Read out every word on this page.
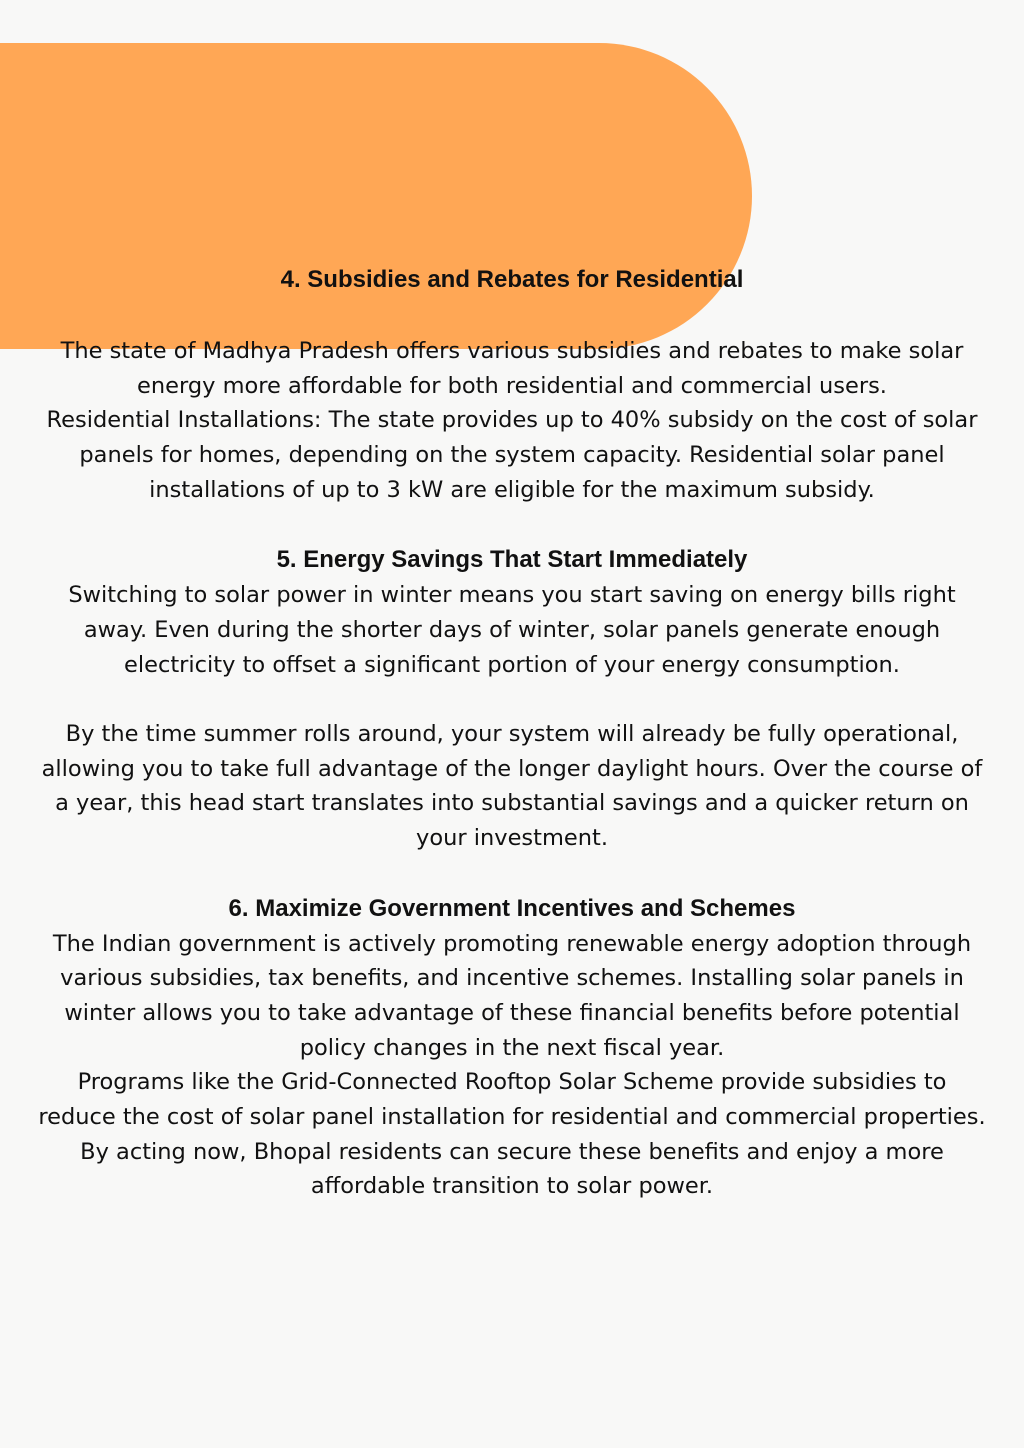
4. Subsidies and Rebates for Residential

The state of Madhya Pradesh offers various subsidies and rebates to make solar energy more affordable for both residential and commercial users.

Residential Installations: The state provides up to 40% subsidy on the cost of solar panels for homes, depending on the system capacity. Residential solar panel installations of up to 3 kW are eligible for the maximum subsidy.

5. Energy Savings That Start Immediately

Switching to solar power in winter means you start saving on energy bills right away. Even during the shorter days of winter, solar panels generate enough electricity to offset a significant portion of your energy consumption.

By the time summer rolls around, your system will already be fully operational, allowing you to take full advantage of the longer daylight hours. Over the course of a year, this head start translates into substantial savings and a quicker return on your investment.

6. Maximize Government Incentives and Schemes

The Indian government is actively promoting renewable energy adoption through various subsidies, tax benefits, and incentive schemes. Installing solar panels in winter allows you to take advantage of these financial benefits before potential policy changes in the next fiscal year.

Programs like the Grid-Connected Rooftop Solar Scheme provide subsidies to reduce the cost of solar panel installation for residential and commercial properties. By acting now, Bhopal residents can secure these benefits and enjoy a more affordable transition to solar power.
